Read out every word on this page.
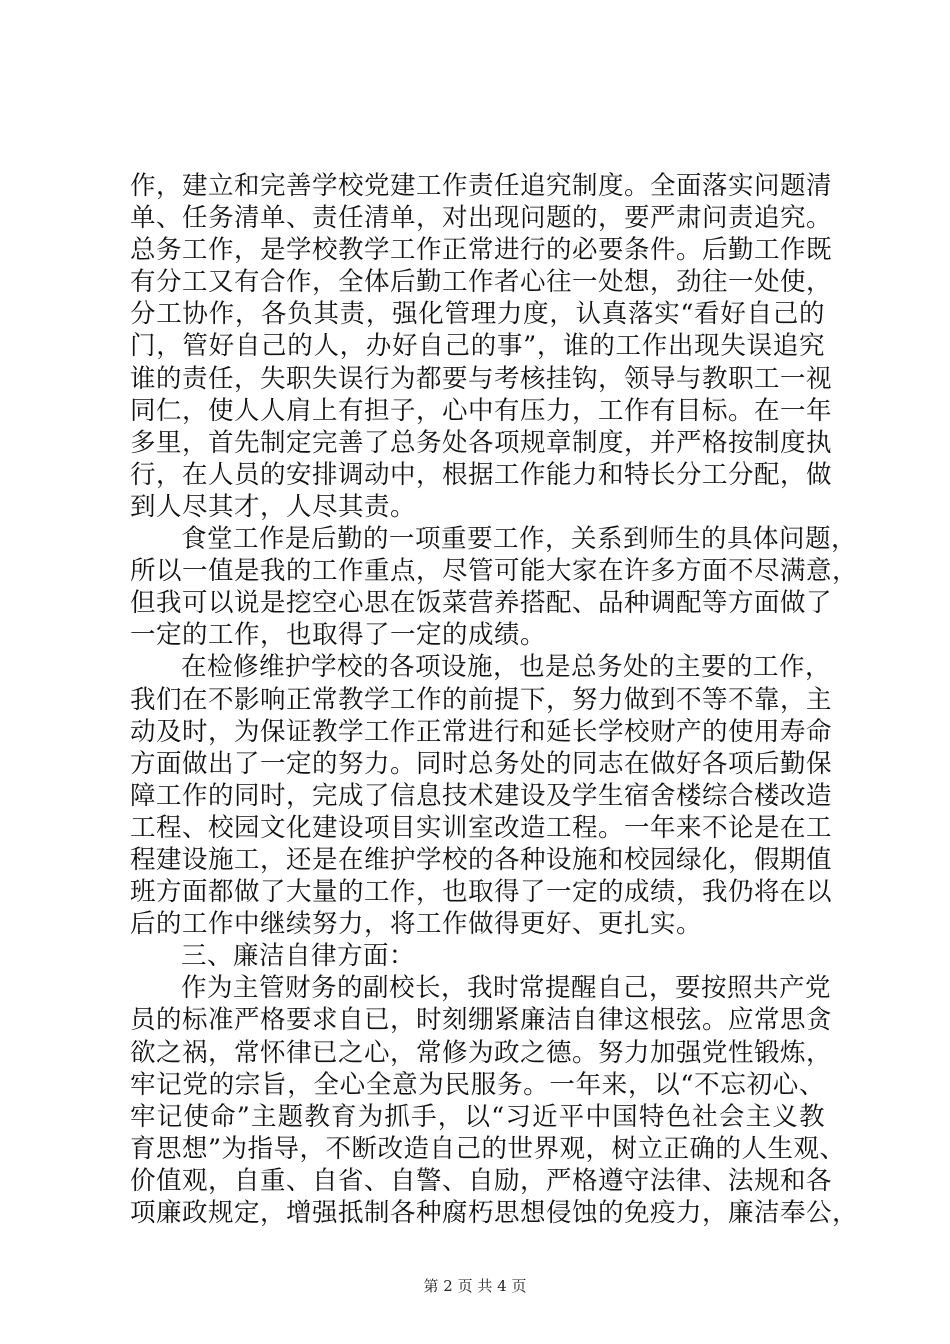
作，建立和完善学校党建工作责任追究制度。全面落实问题清
单、任务清单、责任清单，对出现问题的，要严肃问责追究。
总务工作，是学校教学工作正常进行的必要条件。后勤工作既
有分工又有合作，全体后勤工作者心往一处想，劲往一处使，
分工协作，各负其责，强化管理力度，认真落实“看好自己的
门，管好自己的人，办好自己的事”，谁的工作出现失误追究
谁的责任，失职失误行为都要与考核挂钩，领导与教职工一视
同仁，使人人肩上有担子，心中有压力，工作有目标。在一年
多里，首先制定完善了总务处各项规章制度，并严格按制度执
行，在人员的安排调动中，根据工作能力和特长分工分配，做
到人尽其才，人尽其责。
食堂工作是后勤的一项重要工作，关系到师生的具体问题，
所以一值是我的工作重点，尽管可能大家在许多方面不尽满意，
但我可以说是挖空心思在饭菜营养搭配、品种调配等方面做了
一定的工作，也取得了一定的成绩。
在检修维护学校的各项设施，也是总务处的主要的工作，
我们在不影响正常教学工作的前提下，努力做到不等不靠，主
动及时，为保证教学工作正常进行和延长学校财产的使用寿命
方面做出了一定的努力。同时总务处的同志在做好各项后勤保
障工作的同时，完成了信息技术建设及学生宿舍楼综合楼改造
工程、校园文化建设项目实训室改造工程。一年来不论是在工
程建设施工，还是在维护学校的各种设施和校园绿化，假期值
班方面都做了大量的工作，也取得了一定的成绩，我仍将在以
后的工作中继续努力，将工作做得更好、更扎实。
三、廉洁自律方面：
作为主管财务的副校长，我时常提醒自己，要按照共产党
员的标准严格要求自已，时刻绷紧廉洁自律这根弦。应常思贪
欲之祸，常怀律已之心，常修为政之德。努力加强党性锻炼，
牢记党的宗旨，全心全意为民服务。一年来，以“不忘初心、
牢记使命”主题教育为抓手，以“习近平中国特色社会主义教
育思想”为指导，不断改造自己的世界观，树立正确的人生观、
价值观，自重、自省、自警、自励，严格遵守法律、法规和各
项廉政规定，增强抵制各种腐朽思想侵蚀的免疫力，廉洁奉公，
第 2 页 共 4 页
